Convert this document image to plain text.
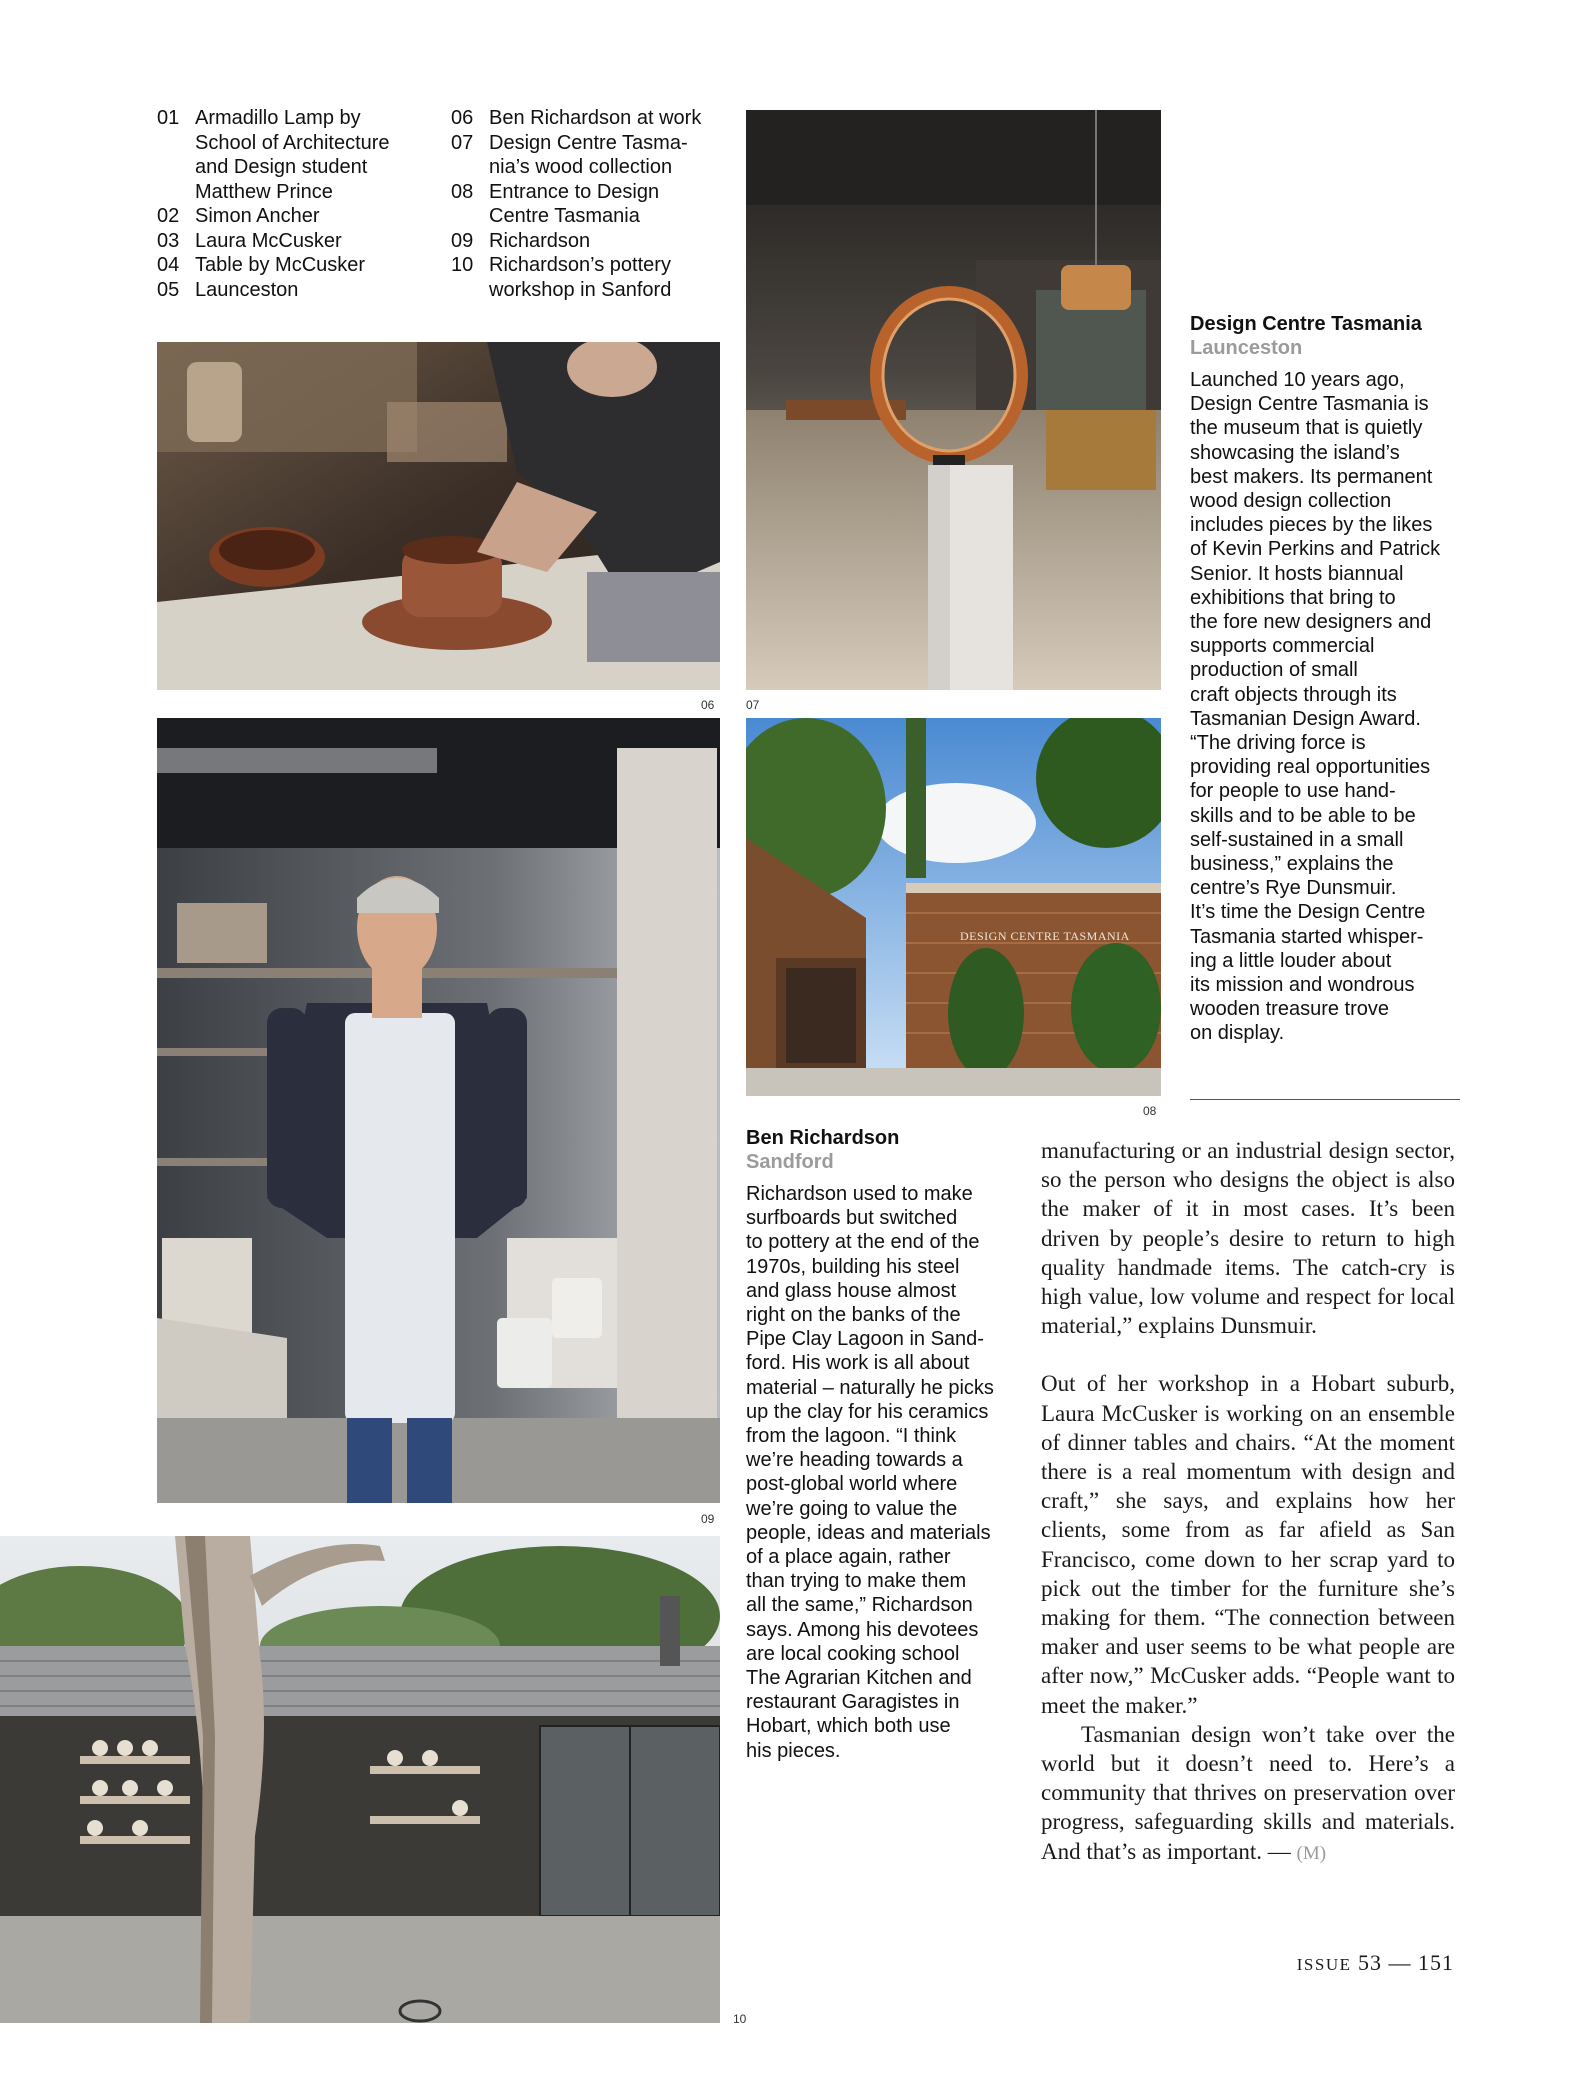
01 Armadillo Lamp by
School of Architecture
and Design student
Matthew Prince
02 Simon Ancher
03 Laura McCusker
04 Table by McCusker
05 Launceston
06 Ben Richardson at work
07 Design Centre Tasma-
nia’s wood collection
08 Entrance to Design
Centre Tasmania
09 Richardson
10 Richardson’s pottery
workshop in Sanford
06	07
09
DESIGN CENTRE TASMANIA
08
10
Design Centre Tasmania
Launceston
Launched 10 years ago,
Design Centre Tasmania is
the museum that is quietly
showcasing the island’s
best makers. Its permanent
wood design collection
includes pieces by the likes
of Kevin Perkins and Patrick
Senior. It hosts biannual
exhibitions that bring to
the fore new designers and
supports commercial
production of small
craft objects through its
Tasmanian Design Award.
“The driving force is
providing real opportunities
for people to use hand-
skills and to be able to be
self-sustained in a small
business,” explains the
centre’s Rye Dunsmuir.
It’s time the Design Centre
Tasmania started whisper-
ing a little louder about
its mission and wondrous
wooden treasure trove
on display.
Ben Richardson
Sandford
Richardson used to make
surfboards but switched
to pottery at the end of the
1970s, building his steel
and glass house almost
right on the banks of the
Pipe Clay Lagoon in Sand-
ford. His work is all about
material – naturally he picks
up the clay for his ceramics
from the lagoon. “I think
we’re heading towards a
post-global world where
we’re going to value the
people, ideas and materials
of a place again, rather
than trying to make them
all the same,” Richardson
says. Among his devotees
are local cooking school
The Agrarian Kitchen and
restaurant Garagistes in
Hobart, which both use
his pieces.

manufacturing or an industrial design sector, so the person who designs the object is also the maker of it in most cases. It’s been driven by people’s desire to return to high quality handmade items. The catch-cry is high value, low volume and respect for local material,” explains Dunsmuir.

Out of her workshop in a Hobart suburb, Laura McCusker is working on an ensemble of dinner tables and chairs. “At the moment there is a real momentum with design and craft,” she says, and explains how her clients, some from as far afield as San Francisco, come down to her scrap yard to pick out the timber for the furniture she’s making for them. “The connection between maker and user seems to be what people are after now,” McCusker adds. “People want to meet the maker.”

Tasmanian design won’t take over the world but it doesn’t need to. Here’s a community that thrives on preservation over progress, safeguarding skills and materials. And that’s as important. — (M)

ISSUE 53 — 151
